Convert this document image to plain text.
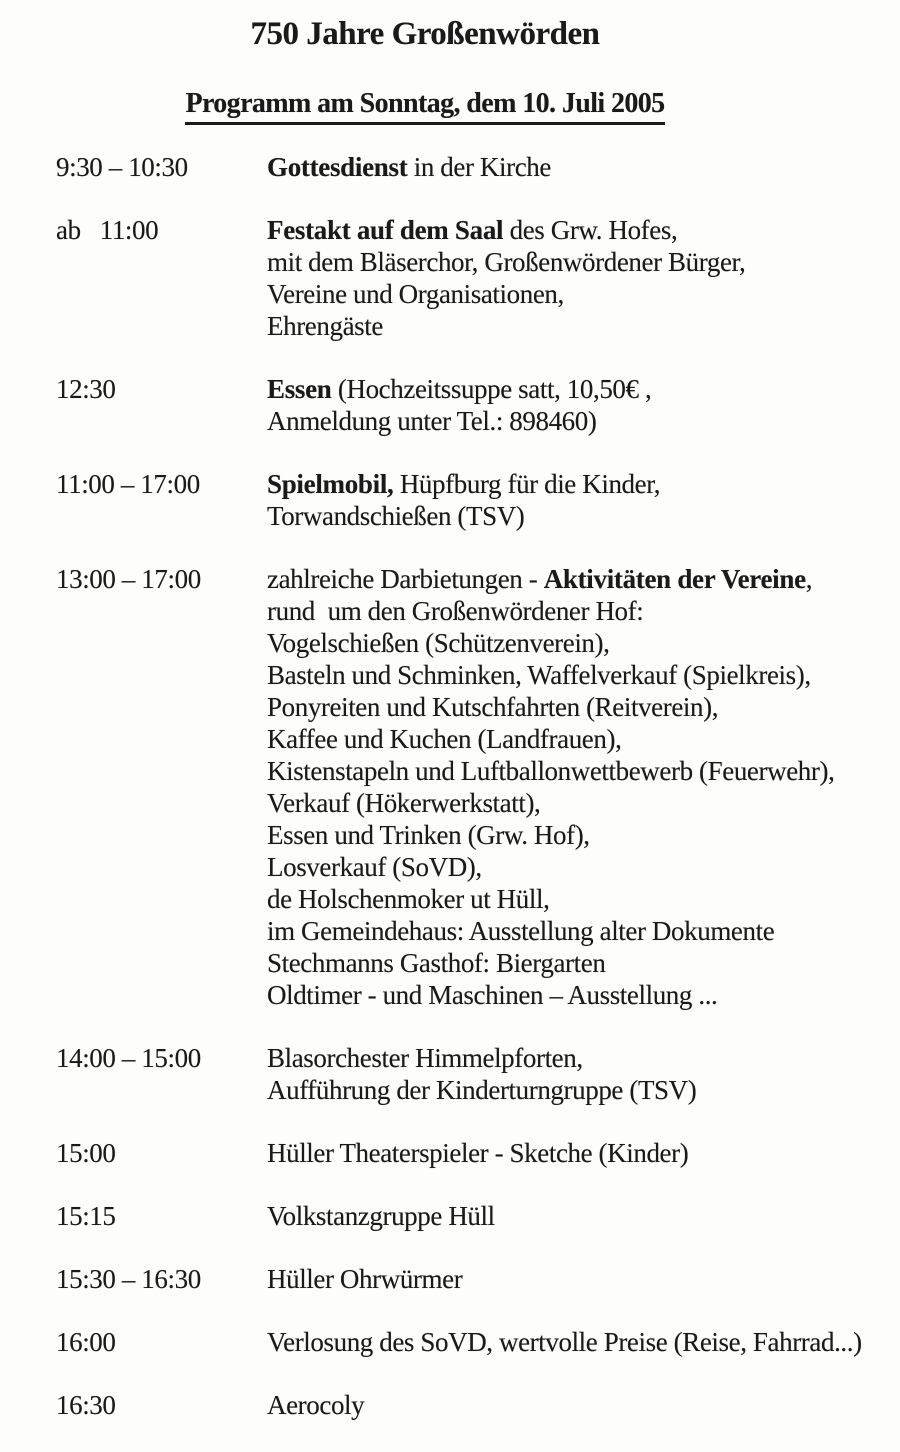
750 Jahre Großenwörden
Programm am Sonntag, dem 10. Juli 2005
9:30 – 10:30	Gottesdienst in der Kirche
ab   11:00	Festakt auf dem Saal des Grw. Hofes,
mit dem Bläserchor, Großenwördener Bürger,
Vereine und Organisationen,
Ehrengäste
12:30	Essen (Hochzeitssuppe satt, 10,50€ ,
Anmeldung unter Tel.: 898460)
11:00 – 17:00	Spielmobil, Hüpfburg für die Kinder,
Torwandschießen (TSV)
13:00 – 17:00	zahlreiche Darbietungen - Aktivitäten der Vereine,
rund  um den Großenwördener Hof:
Vogelschießen (Schützenverein),
Basteln und Schminken, Waffelverkauf (Spielkreis),
Ponyreiten und Kutschfahrten (Reitverein),
Kaffee und Kuchen (Landfrauen),
Kistenstapeln und Luftballonwettbewerb (Feuerwehr),
Verkauf (Hökerwerkstatt),
Essen und Trinken (Grw. Hof),
Losverkauf (SoVD),
de Holschenmoker ut Hüll,
im Gemeindehaus: Ausstellung alter Dokumente
Stechmanns Gasthof: Biergarten
Oldtimer - und Maschinen – Ausstellung ...
14:00 – 15:00	Blasorchester Himmelpforten,
Aufführung der Kinderturngruppe (TSV)
15:00	Hüller Theaterspieler - Sketche (Kinder)
15:15	Volkstanzgruppe Hüll
15:30 – 16:30	Hüller Ohrwürmer
16:00	Verlosung des SoVD, wertvolle Preise (Reise, Fahrrad...)
16:30	Aerocoly
